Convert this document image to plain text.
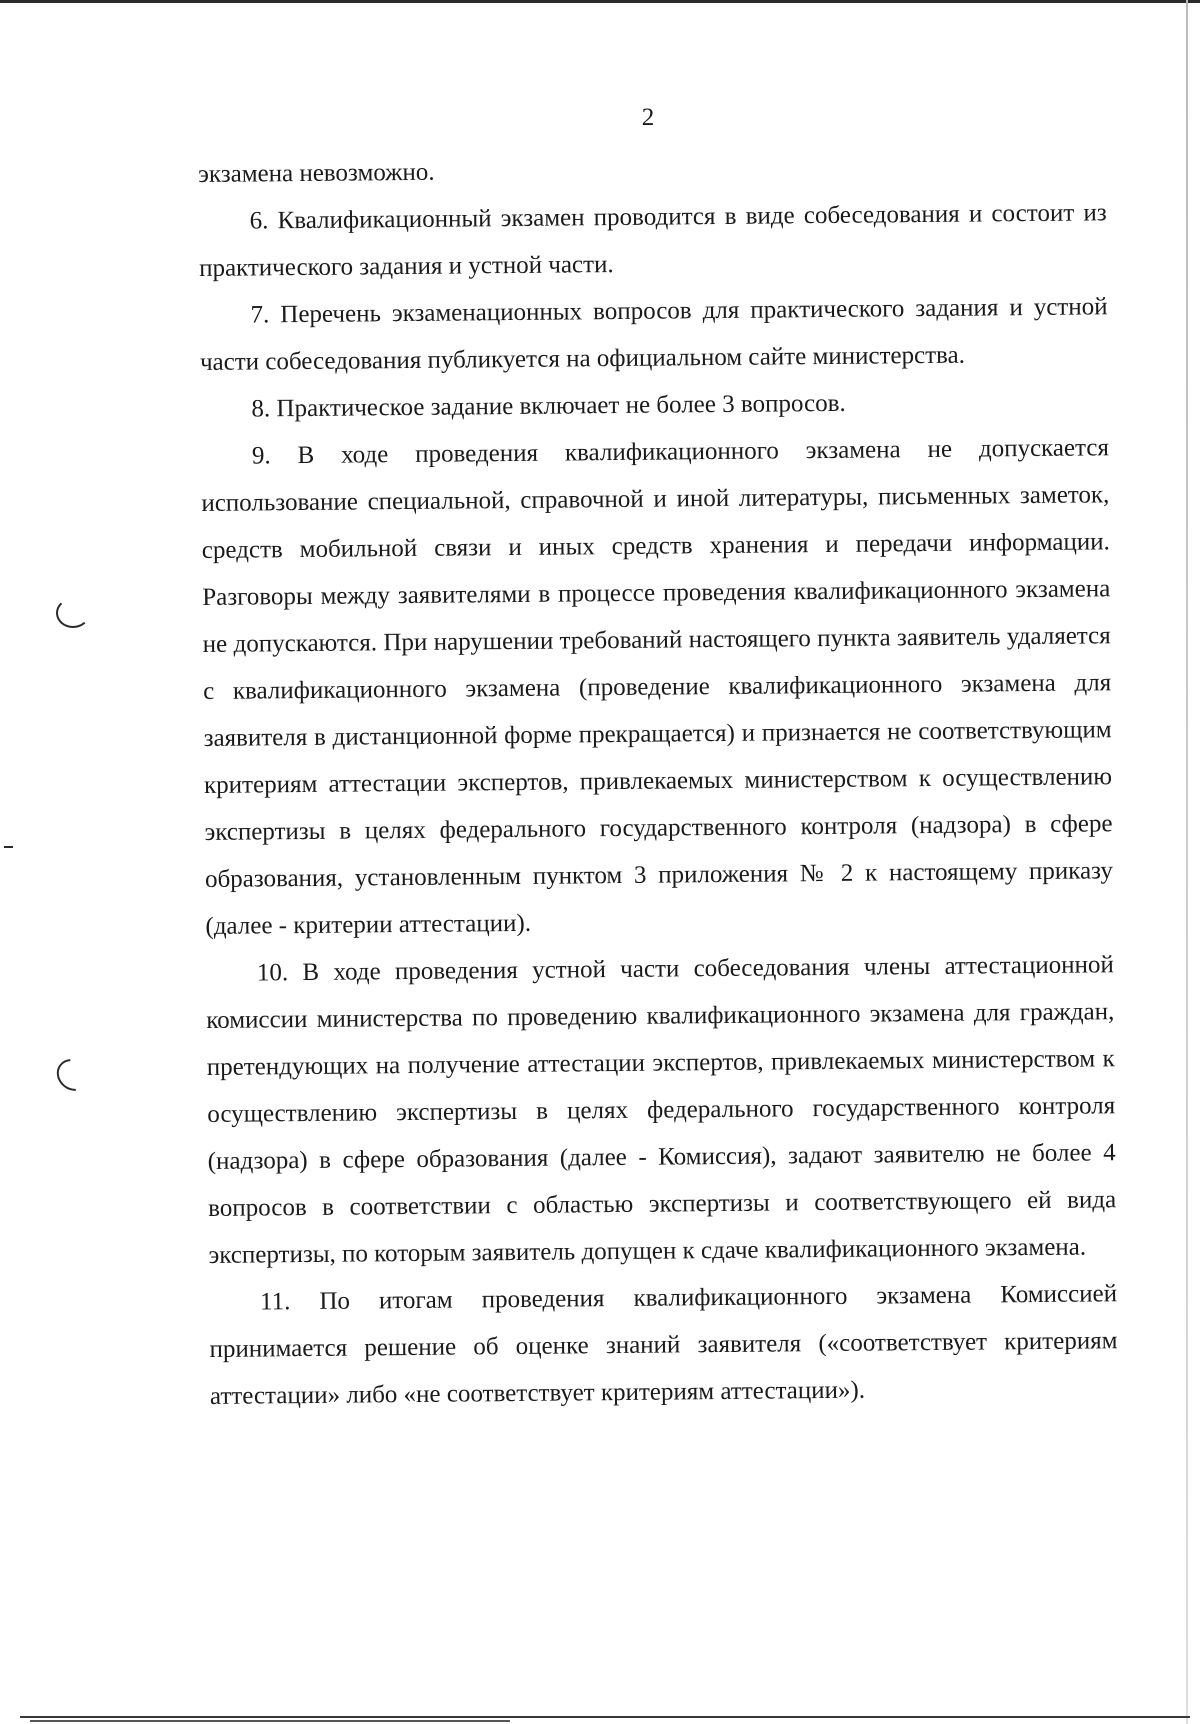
2

экзамена невозможно.

6. Квалификационный экзамен проводится в виде собеседования и состоит из практического задания и устной части.

7. Перечень экзаменационных вопросов для практического задания и устной части собеседования публикуется на официальном сайте министерства.

8. Практическое задание включает не более 3 вопросов.

9. В ходе проведения квалификационного экзамена не допускается использование специальной, справочной и иной литературы, письменных заметок, средств мобильной связи и иных средств хранения и передачи информации. Разговоры между заявителями в процессе проведения квалификационного экзамена не допускаются. При нарушении требований настоящего пункта заявитель удаляется с квалификационного экзамена (проведение квалификационного экзамена для заявителя в дистанционной форме прекращается) и признается не соответствующим критериям аттестации экспертов, привлекаемых министерством к осуществлению экспертизы в целях федерального государственного контроля (надзора) в сфере образования, установленным пунктом 3 приложения № 2 к настоящему приказу (далее - критерии аттестации).

10. В ходе проведения устной части собеседования члены аттестационной комиссии министерства по проведению квалификационного экзамена для граждан, претендующих на получение аттестации экспертов, привлекаемых министерством к осуществлению экспертизы в целях федерального государственного контроля (надзора) в сфере образования (далее - Комиссия), задают заявителю не более 4 вопросов в соответствии с областью экспертизы и соответствующего ей вида экспертизы, по которым заявитель допущен к сдаче квалификационного экзамена.

11. По итогам проведения квалификационного экзамена Комиссией принимается решение об оценке знаний заявителя («соответствует критериям аттестации» либо «не соответствует критериям аттестации»).
